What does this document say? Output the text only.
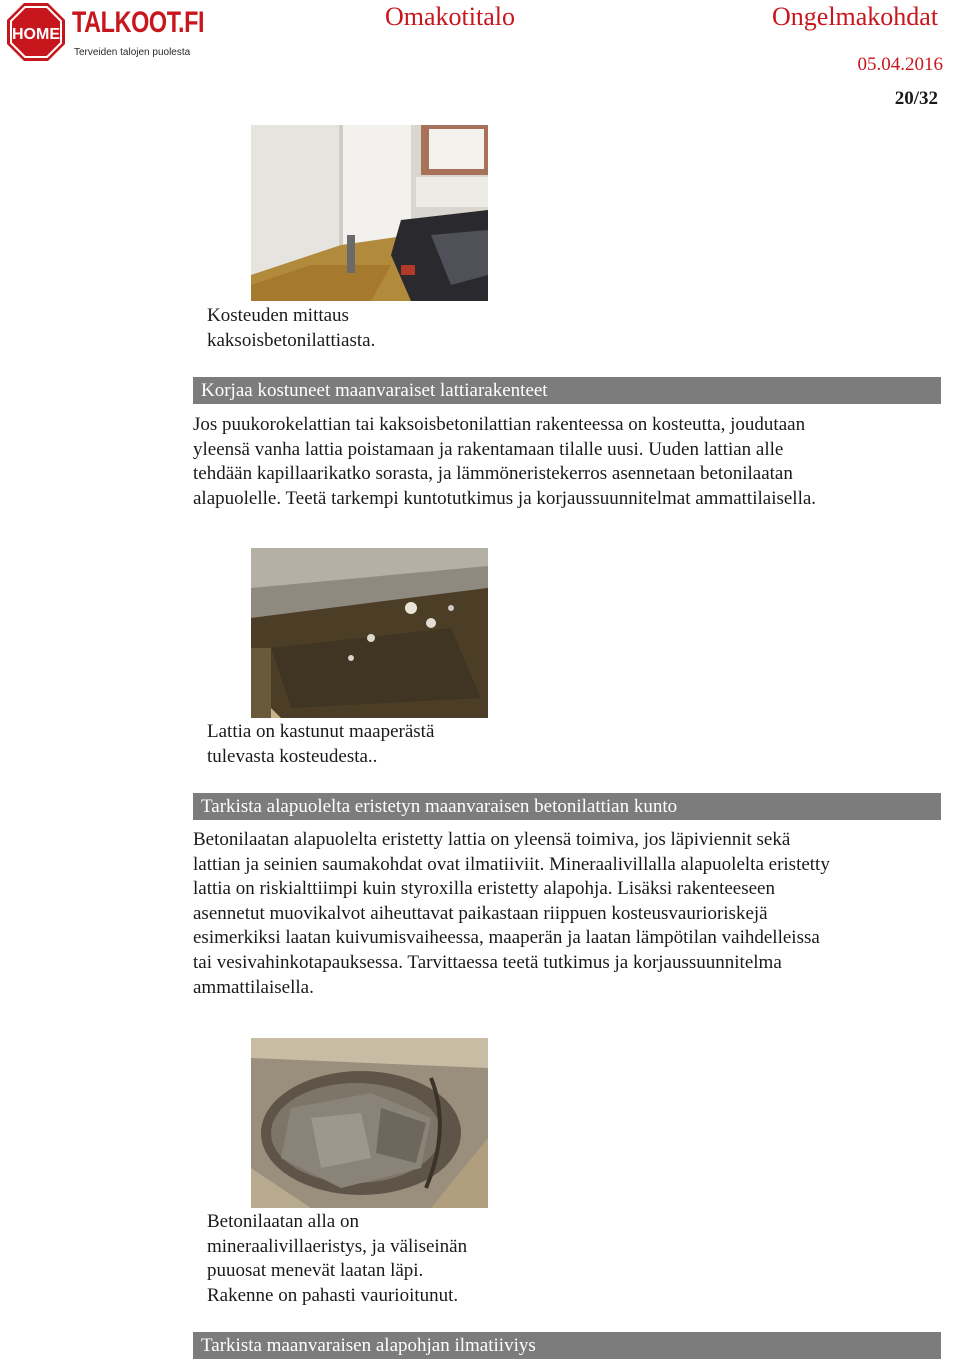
HOME TALKOOT.FI
Terveiden talojen puolesta
Omakotitalo	Ongelmakohdat
05.04.2016
20/32
Kosteuden mittaus
kaksoisbetonilattiasta.
Korjaa kostuneet maanvaraiset lattiarakenteet
Jos puukorokelattian tai kaksoisbetonilattian rakenteessa on kosteutta, joudutaan
yleensä vanha lattia poistamaan ja rakentamaan tilalle uusi. Uuden lattian alle
tehdään kapillaarikatko sorasta, ja lämmöneristekerros asennetaan betonilaatan
alapuolelle. Teetä tarkempi kuntotutkimus ja korjaussuunnitelmat ammattilaisella.
Lattia on kastunut maaperästä
tulevasta kosteudesta..
Tarkista alapuolelta eristetyn maanvaraisen betonilattian kunto
Betonilaatan alapuolelta eristetty lattia on yleensä toimiva, jos läpiviennit sekä
lattian ja seinien saumakohdat ovat ilmatiiviit. Mineraalivillalla alapuolelta eristetty
lattia on riskialttiimpi kuin styroxilla eristetty alapohja. Lisäksi rakenteeseen
asennetut muovikalvot aiheuttavat paikastaan riippuen kosteusvaurioriskejä
esimerkiksi laatan kuivumisvaiheessa, maaperän ja laatan lämpötilan vaihdelleissa
tai vesivahinkotapauksessa. Tarvittaessa teetä tutkimus ja korjaussuunnitelma
ammattilaisella.
Betonilaatan alla on
mineraalivillaeristys, ja väliseinän
puuosat menevät laatan läpi.
Rakenne on pahasti vaurioitunut.
Tarkista maanvaraisen alapohjan ilmatiiviys
